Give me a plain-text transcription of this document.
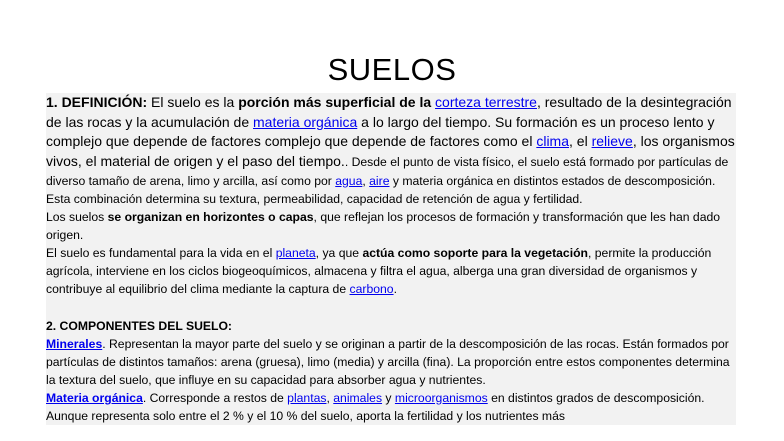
SUELOS

1. DEFINICIÓN: El suelo es la porción más superficial de la corteza terrestre, resultado de la desintegración de las rocas y la acumulación de materia orgánica a lo largo del tiempo. Su formación es un proceso lento y complejo que depende de factores complejo que depende de factores como el clima, el relieve, los organismos vivos, el material de origen y el paso del tiempo.. Desde el punto de vista físico, el suelo está formado por partículas de diverso tamaño de arena, limo y arcilla, así como por agua, aire y materia orgánica en distintos estados de descomposición. Esta combinación determina su textura, permeabilidad, capacidad de retención de agua y fertilidad.

Los suelos se organizan en horizontes o capas, que reflejan los procesos de formación y transformación que les han dado origen.

El suelo es fundamental para la vida en el planeta, ya que actúa como soporte para la vegetación, permite la producción agrícola, interviene en los ciclos biogeoquímicos, almacena y filtra el agua, alberga una gran diversidad de organismos y contribuye al equilibrio del clima mediante la captura de carbono.

2. COMPONENTES DEL SUELO:

Minerales. Representan la mayor parte del suelo y se originan a partir de la descomposición de las rocas. Están formados por partículas de distintos tamaños: arena (gruesa), limo (media) y arcilla (fina). La proporción entre estos componentes determina la textura del suelo, que influye en su capacidad para absorber agua y nutrientes.

Materia orgánica. Corresponde a restos de plantas, animales y microorganismos en distintos grados de descomposición. Aunque representa solo entre el 2 % y el 10 % del suelo, aporta la fertilidad y los nutrientes más
